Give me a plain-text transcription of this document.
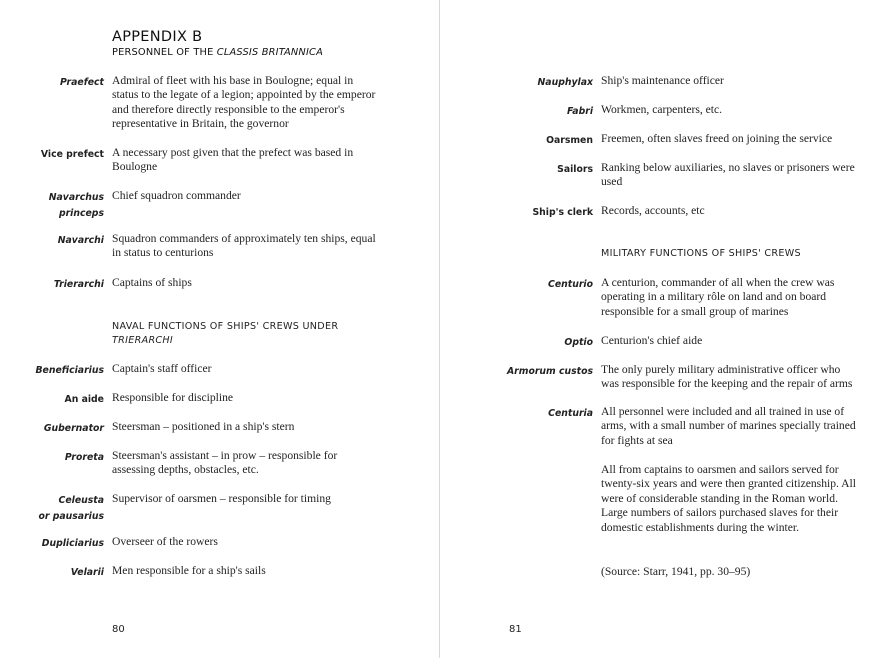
APPENDIX B
PERSONNEL OF THE CLASSIS BRITANNICA
Praefect Admiral of fleet with his base in Boulogne; equal in status to the legate of a legion; appointed by the emperor and therefore directly responsible to the emperor's representative in Britain, the governor
Vice prefect A necessary post given that the prefect was based in Boulogne
Navarchus princeps
Chief squadron commander
Navarchi Squadron commanders of approximately ten ships, equal in status to centurions
Trierarchi Captains of ships
NAVAL FUNCTIONS OF SHIPS' CREWS UNDER
TRIERARCHI
Beneficiarius Captain's staff officer
An aide Responsible for discipline
Gubernator Steersman – positioned in a ship's stern
Proreta Steersman's assistant – in prow – responsible for assessing depths, obstacles, etc.
Celeusta
or pausarius
Supervisor of oarsmen – responsible for timing
Dupliciarius Overseer of the rowers
Velarii Men responsible for a ship's sails
80
Nauphylax Ship's maintenance officer
Fabri Workmen, carpenters, etc.
Oarsmen Freemen, often slaves freed on joining the service
Sailors Ranking below auxiliaries, no slaves or prisoners were used
Ship's clerk Records, accounts, etc
MILITARY FUNCTIONS OF SHIPS' CREWS
Centurio A centurion, commander of all when the crew was operating in a military rôle on land and on board responsible for a small group of marines
Optio Centurion's chief aide
Armorum custos The only purely military administrative officer who was responsible for the keeping and the repair of arms
Centuria All personnel were included and all trained in use of arms, with a small number of marines specially trained for fights at sea
All from captains to oarsmen and sailors served for twenty-six years and were then granted citizenship. All were of considerable standing in the Roman world. Large numbers of sailors purchased slaves for their domestic establishments during the winter.
(Source: Starr, 1941, pp. 30–95)
81
